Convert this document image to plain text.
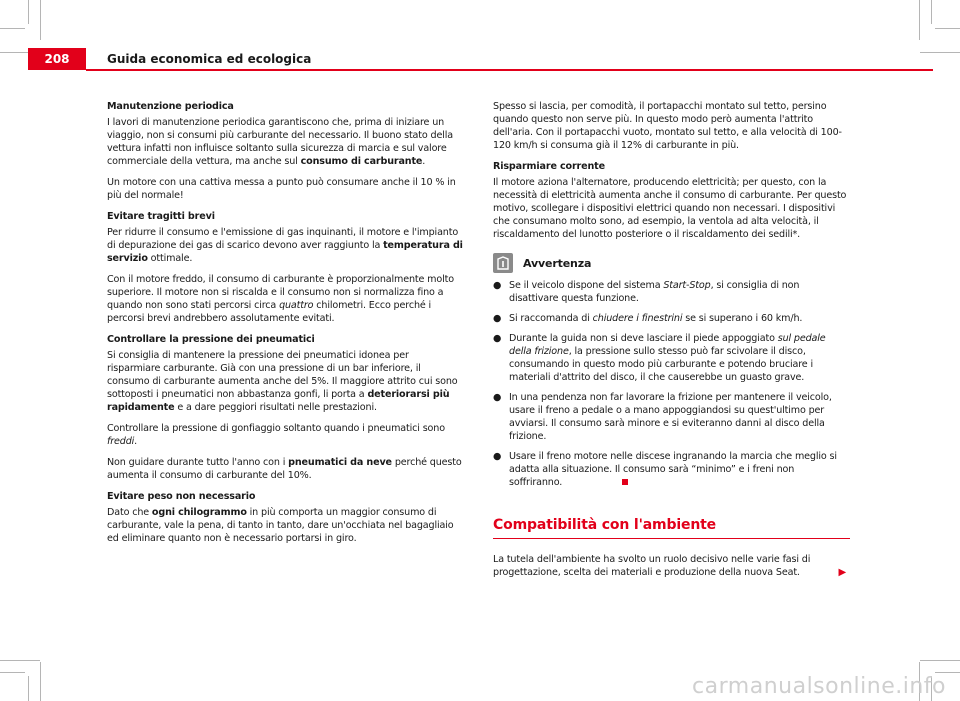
208	Guida economica ed ecologica
Manutenzione periodica

I lavori di manutenzione periodica garantiscono che, prima di iniziare un viaggio, non si consumi più carburante del necessario. Il buono stato della vettura infatti non influisce soltanto sulla sicurezza di marcia e sul valore commerciale della vettura, ma anche sul consumo di carburante.

Un motore con una cattiva messa a punto può consumare anche il 10 % in più del normale!

Evitare tragitti brevi

Per ridurre il consumo e l'emissione di gas inquinanti, il motore e l'impianto di depurazione dei gas di scarico devono aver raggiunto la temperatura di servizio ottimale.

Con il motore freddo, il consumo di carburante è proporzionalmente molto superiore. Il motore non si riscalda e il consumo non si normalizza fino a quando non sono stati percorsi circa quattro chilometri. Ecco perché i percorsi brevi andrebbero assolutamente evitati.

Controllare la pressione dei pneumatici

Si consiglia di mantenere la pressione dei pneumatici idonea per risparmiare carburante. Già con una pressione di un bar inferiore, il consumo di carburante aumenta anche del 5%. Il maggiore attrito cui sono sottoposti i pneumatici non abbastanza gonfi, li porta a deteriorarsi più rapidamente e a dare peggiori risultati nelle prestazioni.

Controllare la pressione di gonfiaggio soltanto quando i pneumatici sono freddi.

Non guidare durante tutto l'anno con i pneumatici da neve perché questo aumenta il consumo di carburante del 10%.

Evitare peso non necessario

Dato che ogni chilogrammo in più comporta un maggior consumo di carburante, vale la pena, di tanto in tanto, dare un'occhiata nel bagagliaio ed eliminare quanto non è necessario portarsi in giro.

Spesso si lascia, per comodità, il portapacchi montato sul tetto, persino quando questo non serve più. In questo modo però aumenta l'attrito dell'aria. Con il portapacchi vuoto, montato sul tetto, e alla velocità di 100-120 km/h si consuma già il 12% di carburante in più.

Risparmiare corrente

Il motore aziona l'alternatore, producendo elettricità; per questo, con la necessità di elettricità aumenta anche il consumo di carburante. Per questo motivo, scollegare i dispositivi elettrici quando non necessari. I dispositivi che consumano molto sono, ad esempio, la ventola ad alta velocità, il riscaldamento del lunotto posteriore o il riscaldamento dei sedili*.

Avvertenza
● Se il veicolo dispone del sistema Start-Stop, si consiglia di non disattivare questa funzione.
● Si raccomanda di chiudere i finestrini se si superano i 60 km/h.
● Durante la guida non si deve lasciare il piede appoggiato sul pedale della frizione, la pressione sullo stesso può far scivolare il disco, consumando in questo modo più carburante e potendo bruciare i materiali d'attrito del disco, il che causerebbe un guasto grave.
● In una pendenza non far lavorare la frizione per mantenere il veicolo, usare il freno a pedale o a mano appoggiandosi su quest'ultimo per avviarsi. Il consumo sarà minore e si eviteranno danni al disco della frizione.
● Usare il freno motore nelle discese ingranando la marcia che meglio si adatta alla situazione. Il consumo sarà “minimo” e i freni non soffriranno.
Compatibilità con l'ambiente

La tutela dell'ambiente ha svolto un ruolo decisivo nelle varie fasi di progettazione, scelta dei materiali e produzione della nuova Seat.	▶

carmanualsonline.info
